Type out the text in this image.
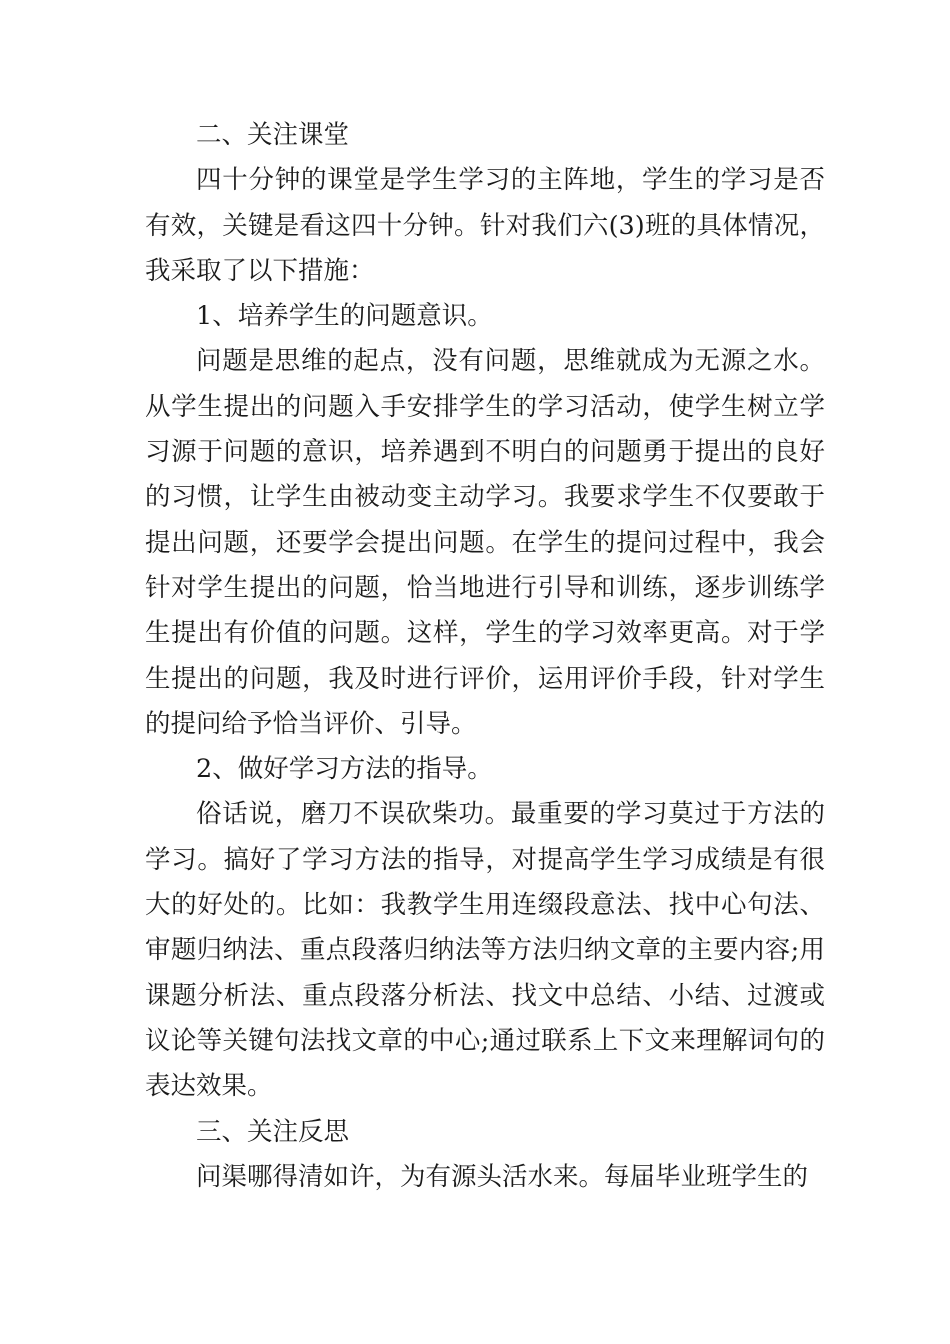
二、关注课堂

四十分钟的课堂是学生学习的主阵地，学生的学习是否有效，关键是看这四十分钟。针对我们六(3)班的具体情况，我采取了以下措施：

1、培养学生的问题意识。

问题是思维的起点，没有问题，思维就成为无源之水。从学生提出的问题入手安排学生的学习活动，使学生树立学习源于问题的意识，培养遇到不明白的问题勇于提出的良好的习惯，让学生由被动变主动学习。我要求学生不仅要敢于提出问题，还要学会提出问题。在学生的提问过程中，我会针对学生提出的问题，恰当地进行引导和训练，逐步训练学生提出有价值的问题。这样，学生的学习效率更高。对于学生提出的问题，我及时进行评价，运用评价手段，针对学生的提问给予恰当评价、引导。

2、做好学习方法的指导。

俗话说，磨刀不误砍柴功。最重要的学习莫过于方法的学习。搞好了学习方法的指导，对提高学生学习成绩是有很大的好处的。比如：我教学生用连缀段意法、找中心句法、审题归纳法、重点段落归纳法等方法归纳文章的主要内容;用课题分析法、重点段落分析法、找文中总结、小结、过渡或议论等关键句法找文章的中心;通过联系上下文来理解词句的表达效果。

三、关注反思

问渠哪得清如许，为有源头活水来。每届毕业班学生的
